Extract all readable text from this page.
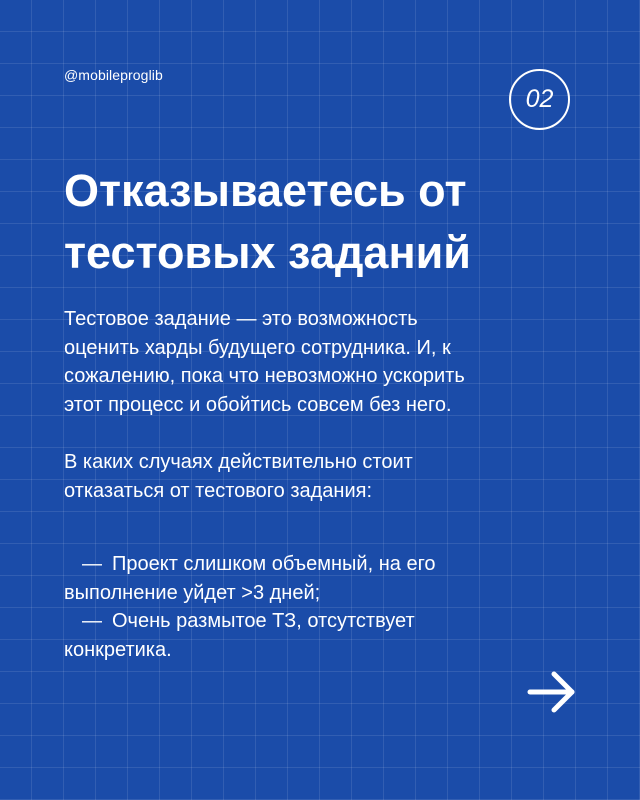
@mobileproglib
02
Отказываетесь от
тестовых заданий

Тестовое задание — это возможность
оценить харды будущего сотрудника. И, к
сожалению, пока что невозможно ускорить
этот процесс и обойтись совсем без него.

В каких случаях действительно стоит
отказаться от тестового задания:

— Проект слишком объемный, на его
выполнение уйдет >3 дней;

— Очень размытое ТЗ, отсутствует
конкретика.
